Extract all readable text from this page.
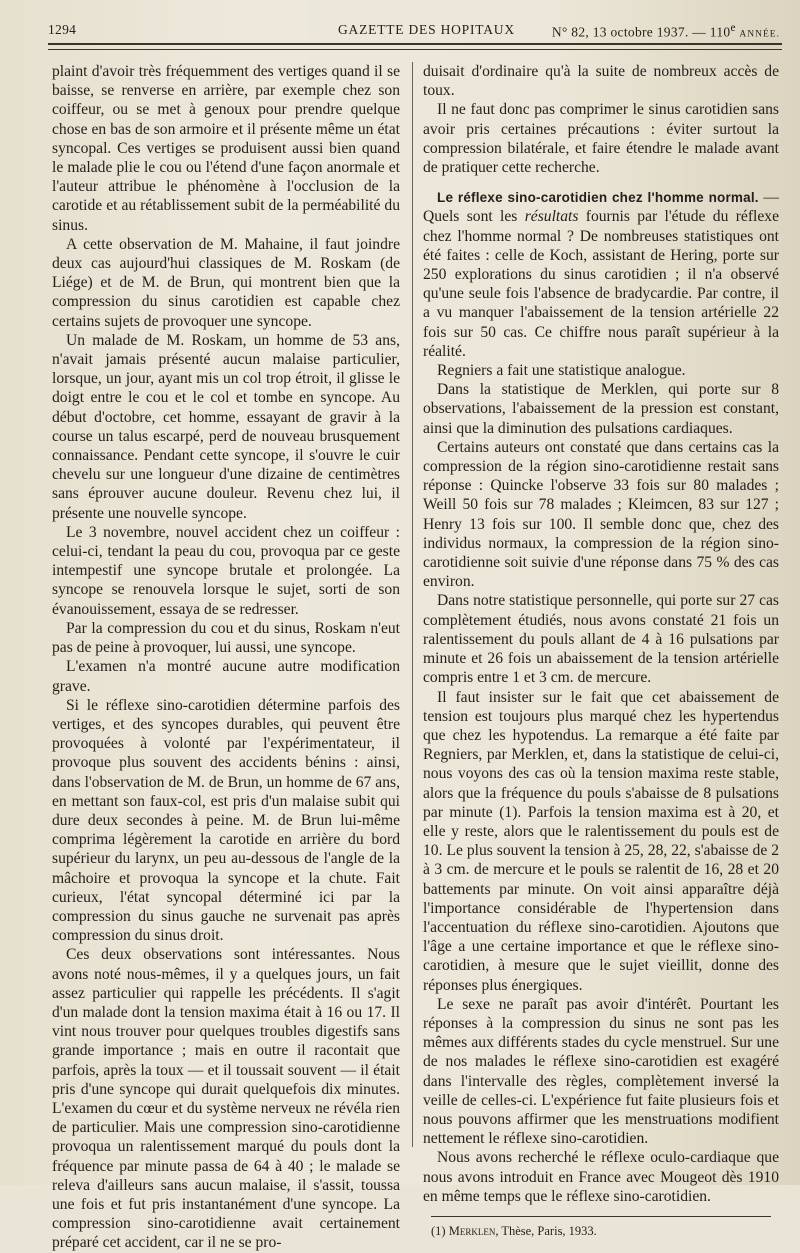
1294	GAZETTE DES HOPITAUX	N° 82, 13 octobre 1937. — 110e ANNÉE.

plaint d'avoir très fréquemment des vertiges quand il se baisse, se renverse en arrière, par exemple chez son coiffeur, ou se met à genoux pour prendre quelque chose en bas de son armoire et il présente même un état syncopal. Ces vertiges se produisent aussi bien quand le malade plie le cou ou l'étend d'une façon anormale et l'auteur attribue le phénomène à l'occlusion de la carotide et au rétablissement subit de la perméabilité du sinus.

A cette observation de M. Mahaine, il faut joindre deux cas aujourd'hui classiques de M. Roskam (de Liége) et de M. de Brun, qui montrent bien que la compression du sinus carotidien est capable chez certains sujets de provoquer une syncope.

Un malade de M. Roskam, un homme de 53 ans, n'avait jamais présenté aucun malaise particulier, lorsque, un jour, ayant mis un col trop étroit, il glisse le doigt entre le cou et le col et tombe en syncope. Au début d'octobre, cet homme, essayant de gravir à la course un talus escarpé, perd de nouveau brusquement connaissance. Pendant cette syncope, il s'ouvre le cuir chevelu sur une longueur d'une dizaine de centimètres sans éprouver aucune douleur. Revenu chez lui, il présente une nouvelle syncope.

Le 3 novembre, nouvel accident chez un coiffeur : celui-ci, tendant la peau du cou, provoqua par ce geste intempestif une syncope brutale et prolongée. La syncope se renouvela lorsque le sujet, sorti de son évanouissement, essaya de se redresser.

Par la compression du cou et du sinus, Roskam n'eut pas de peine à provoquer, lui aussi, une syncope.

L'examen n'a montré aucune autre modification grave.

Si le réflexe sino-carotidien détermine parfois des vertiges, et des syncopes durables, qui peuvent être provoquées à volonté par l'expérimentateur, il provoque plus souvent des accidents bénins : ainsi, dans l'observation de M. de Brun, un homme de 67 ans, en mettant son faux-col, est pris d'un malaise subit qui dure deux secondes à peine. M. de Brun lui-même comprima légèrement la carotide en arrière du bord supérieur du larynx, un peu au-dessous de l'angle de la mâchoire et provoqua la syncope et la chute. Fait curieux, l'état syncopal déterminé ici par la compression du sinus gauche ne survenait pas après compression du sinus droit.

Ces deux observations sont intéressantes. Nous avons noté nous-mêmes, il y a quelques jours, un fait assez particulier qui rappelle les précédents. Il s'agit d'un malade dont la tension maxima était à 16 ou 17. Il vint nous trouver pour quelques troubles digestifs sans grande importance ; mais en outre il racontait que parfois, après la toux — et il toussait souvent — il était pris d'une syncope qui durait quelquefois dix minutes. L'examen du cœur et du système nerveux ne révéla rien de particulier. Mais une compression sino-carotidienne provoqua un ralentissement marqué du pouls dont la fréquence par minute passa de 64 à 40 ; le malade se releva d'ailleurs sans aucun malaise, il s'assit, toussa une fois et fut pris instantanément d'une syncope. La compression sino-carotidienne avait certainement préparé cet accident, car il ne se pro-

duisait d'ordinaire qu'à la suite de nombreux accès de toux.

Il ne faut donc pas comprimer le sinus carotidien sans avoir pris certaines précautions : éviter surtout la compression bilatérale, et faire étendre le malade avant de pratiquer cette recherche.

Le réflexe sino-carotidien chez l'homme normal. — Quels sont les résultats fournis par l'étude du réflexe chez l'homme normal ? De nombreuses statistiques ont été faites : celle de Koch, assistant de Hering, porte sur 250 explorations du sinus carotidien ; il n'a observé qu'une seule fois l'absence de bradycardie. Par contre, il a vu manquer l'abaissement de la tension artérielle 22 fois sur 50 cas. Ce chiffre nous paraît supérieur à la réalité.

Regniers a fait une statistique analogue.

Dans la statistique de Merklen, qui porte sur 8 observations, l'abaissement de la pression est constant, ainsi que la diminution des pulsations cardiaques.

Certains auteurs ont constaté que dans certains cas la compression de la région sino-carotidienne restait sans réponse : Quincke l'observe 33 fois sur 80 malades ; Weill 50 fois sur 78 malades ; Kleimcen, 83 sur 127 ; Henry 13 fois sur 100. Il semble donc que, chez des individus normaux, la compression de la région sino-carotidienne soit suivie d'une réponse dans 75 % des cas environ.

Dans notre statistique personnelle, qui porte sur 27 cas complètement étudiés, nous avons constaté 21 fois un ralentissement du pouls allant de 4 à 16 pulsations par minute et 26 fois un abaissement de la tension artérielle compris entre 1 et 3 cm. de mercure.

Il faut insister sur le fait que cet abaissement de tension est toujours plus marqué chez les hypertendus que chez les hypotendus. La remarque a été faite par Regniers, par Merklen, et, dans la statistique de celui-ci, nous voyons des cas où la tension maxima reste stable, alors que la fréquence du pouls s'abaisse de 8 pulsations par minute (1). Parfois la tension maxima est à 20, et elle y reste, alors que le ralentissement du pouls est de 10. Le plus souvent la tension à 25, 28, 22, s'abaisse de 2 à 3 cm. de mercure et le pouls se ralentit de 16, 28 et 20 battements par minute. On voit ainsi apparaître déjà l'importance considérable de l'hypertension dans l'accentuation du réflexe sino-carotidien. Ajoutons que l'âge a une certaine importance et que le réflexe sino-carotidien, à mesure que le sujet vieillit, donne des réponses plus énergiques.

Le sexe ne paraît pas avoir d'intérêt. Pourtant les réponses à la compression du sinus ne sont pas les mêmes aux différents stades du cycle menstruel. Sur une de nos malades le réflexe sino-carotidien est exagéré dans l'intervalle des règles, complètement inversé la veille de celles-ci. L'expérience fut faite plusieurs fois et nous pouvons affirmer que les menstruations modifient nettement le réflexe sino-carotidien.

Nous avons recherché le réflexe oculo-cardiaque que nous avons introduit en France avec Mougeot dès 1910 en même temps que le réflexe sino-carotidien.

(1) Merklen, Thèse, Paris, 1933.
